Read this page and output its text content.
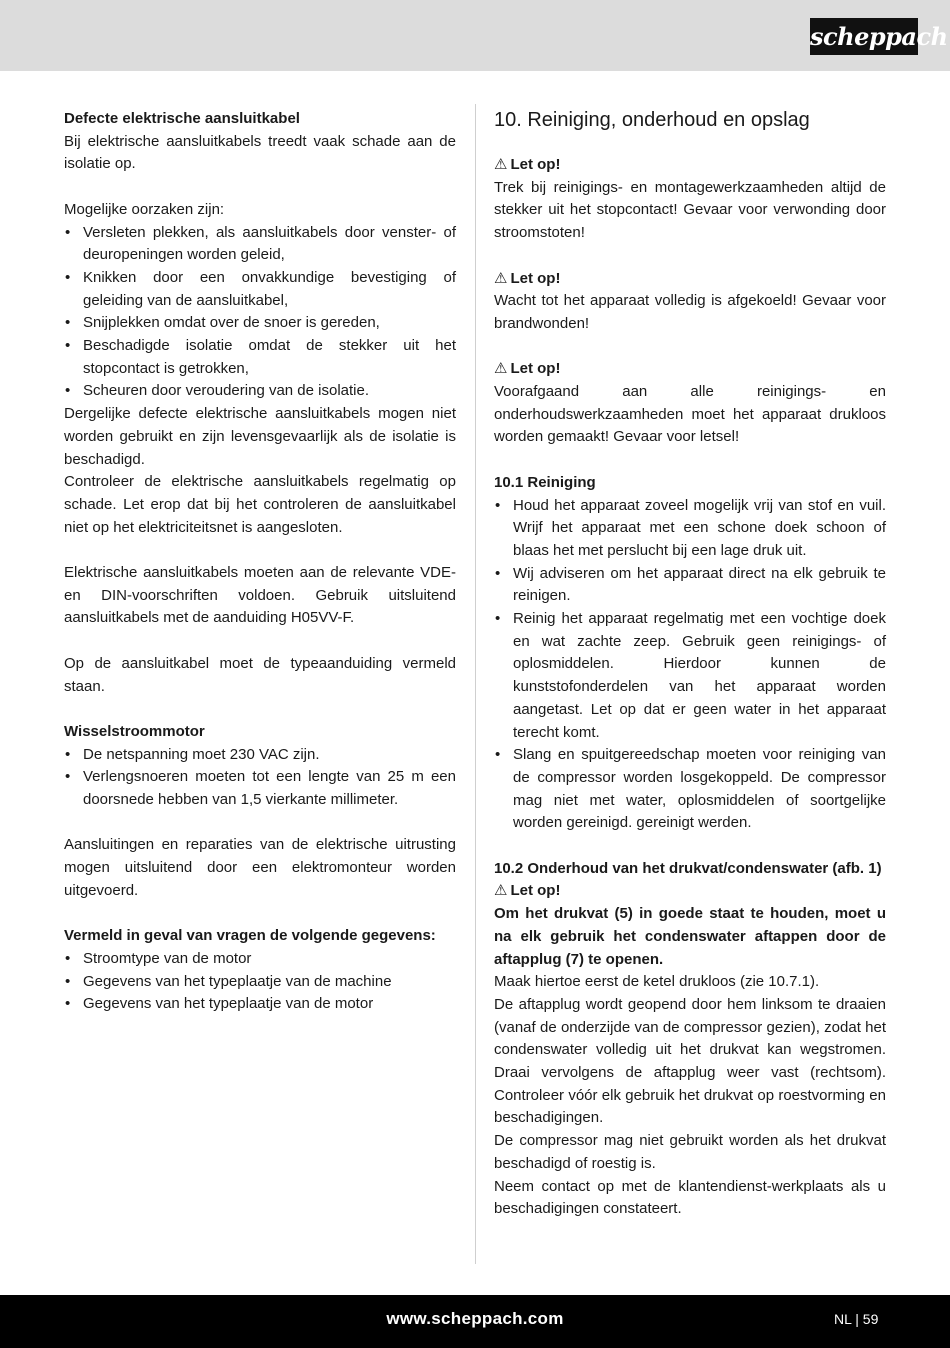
scheppach

Defecte elektrische aansluitkabel

Bij elektrische aansluitkabels treedt vaak schade aan de isolatie op.

Mogelijke oorzaken zijn:

• Versleten plekken, als aansluitkabels door venster- of deuropeningen worden geleid,
• Knikken door een onvakkundige bevestiging of geleiding van de aansluitkabel,
• Snijplekken omdat over de snoer is gereden,
• Beschadigde isolatie omdat de stekker uit het stopcontact is getrokken,
• Scheuren door veroudering van de isolatie.

Dergelijke defecte elektrische aansluitkabels mogen niet worden gebruikt en zijn levensgevaarlijk als de isolatie is beschadigd.

Controleer de elektrische aansluitkabels regelmatig op schade. Let erop dat bij het controleren de aansluitkabel niet op het elektriciteitsnet is aangesloten.

Elektrische aansluitkabels moeten aan de relevante VDE- en DIN-voorschriften voldoen. Gebruik uitsluitend aansluitkabels met de aanduiding H05VV-F.

Op de aansluitkabel moet de typeaanduiding vermeld staan.

Wisselstroommotor

• De netspanning moet 230 VAC zijn.
• Verlengsnoeren moeten tot een lengte van 25 m een doorsnede hebben van 1,5 vierkante millimeter.

Aansluitingen en reparaties van de elektrische uitrusting mogen uitsluitend door een elektromonteur worden uitgevoerd.

Vermeld in geval van vragen de volgende gegevens:

• Stroomtype van de motor
• Gegevens van het typeplaatje van de machine
• Gegevens van het typeplaatje van de motor
10. Reiniging, onderhoud en opslag

⚠ Let op!

Trek bij reinigings- en montagewerkzaamheden altijd de stekker uit het stopcontact! Gevaar voor verwonding door stroomstoten!

⚠ Let op!

Wacht tot het apparaat volledig is afgekoeld! Gevaar voor brandwonden!

⚠ Let op!

Voorafgaand aan alle reinigings- en onderhoudswerkzaamheden moet het apparaat drukloos worden gemaakt! Gevaar voor letsel!

10.1 Reiniging

• Houd het apparaat zoveel mogelijk vrij van stof en vuil. Wrijf het apparaat met een schone doek schoon of blaas het met perslucht bij een lage druk uit.
• Wij adviseren om het apparaat direct na elk gebruik te reinigen.
• Reinig het apparaat regelmatig met een vochtige doek en wat zachte zeep. Gebruik geen reinigings- of oplosmiddelen. Hierdoor kunnen de kunststofonderdelen van het apparaat worden aangetast. Let op dat er geen water in het apparaat terecht komt.
• Slang en spuitgereedschap moeten voor reiniging van de compressor worden losgekoppeld. De compressor mag niet met water, oplosmiddelen of soortgelijke worden gereinigd. gereinigt werden.

10.2 Onderhoud van het drukvat/condenswater (afb. 1)

⚠ Let op!

Om het drukvat (5) in goede staat te houden, moet u na elk gebruik het condenswater aftappen door de aftapplug (7) te openen.

Maak hiertoe eerst de ketel drukloos (zie 10.7.1).

De aftapplug wordt geopend door hem linksom te draaien (vanaf de onderzijde van de compressor gezien), zodat het condenswater volledig uit het drukvat kan wegstromen. Draai vervolgens de aftapplug weer vast (rechtsom). Controleer vóór elk gebruik het drukvat op roestvorming en beschadigingen.

De compressor mag niet gebruikt worden als het drukvat beschadigd of roestig is.

Neem contact op met de klantendienst-werkplaats als u beschadigingen constateert.

www.scheppach.com	NL | 59
